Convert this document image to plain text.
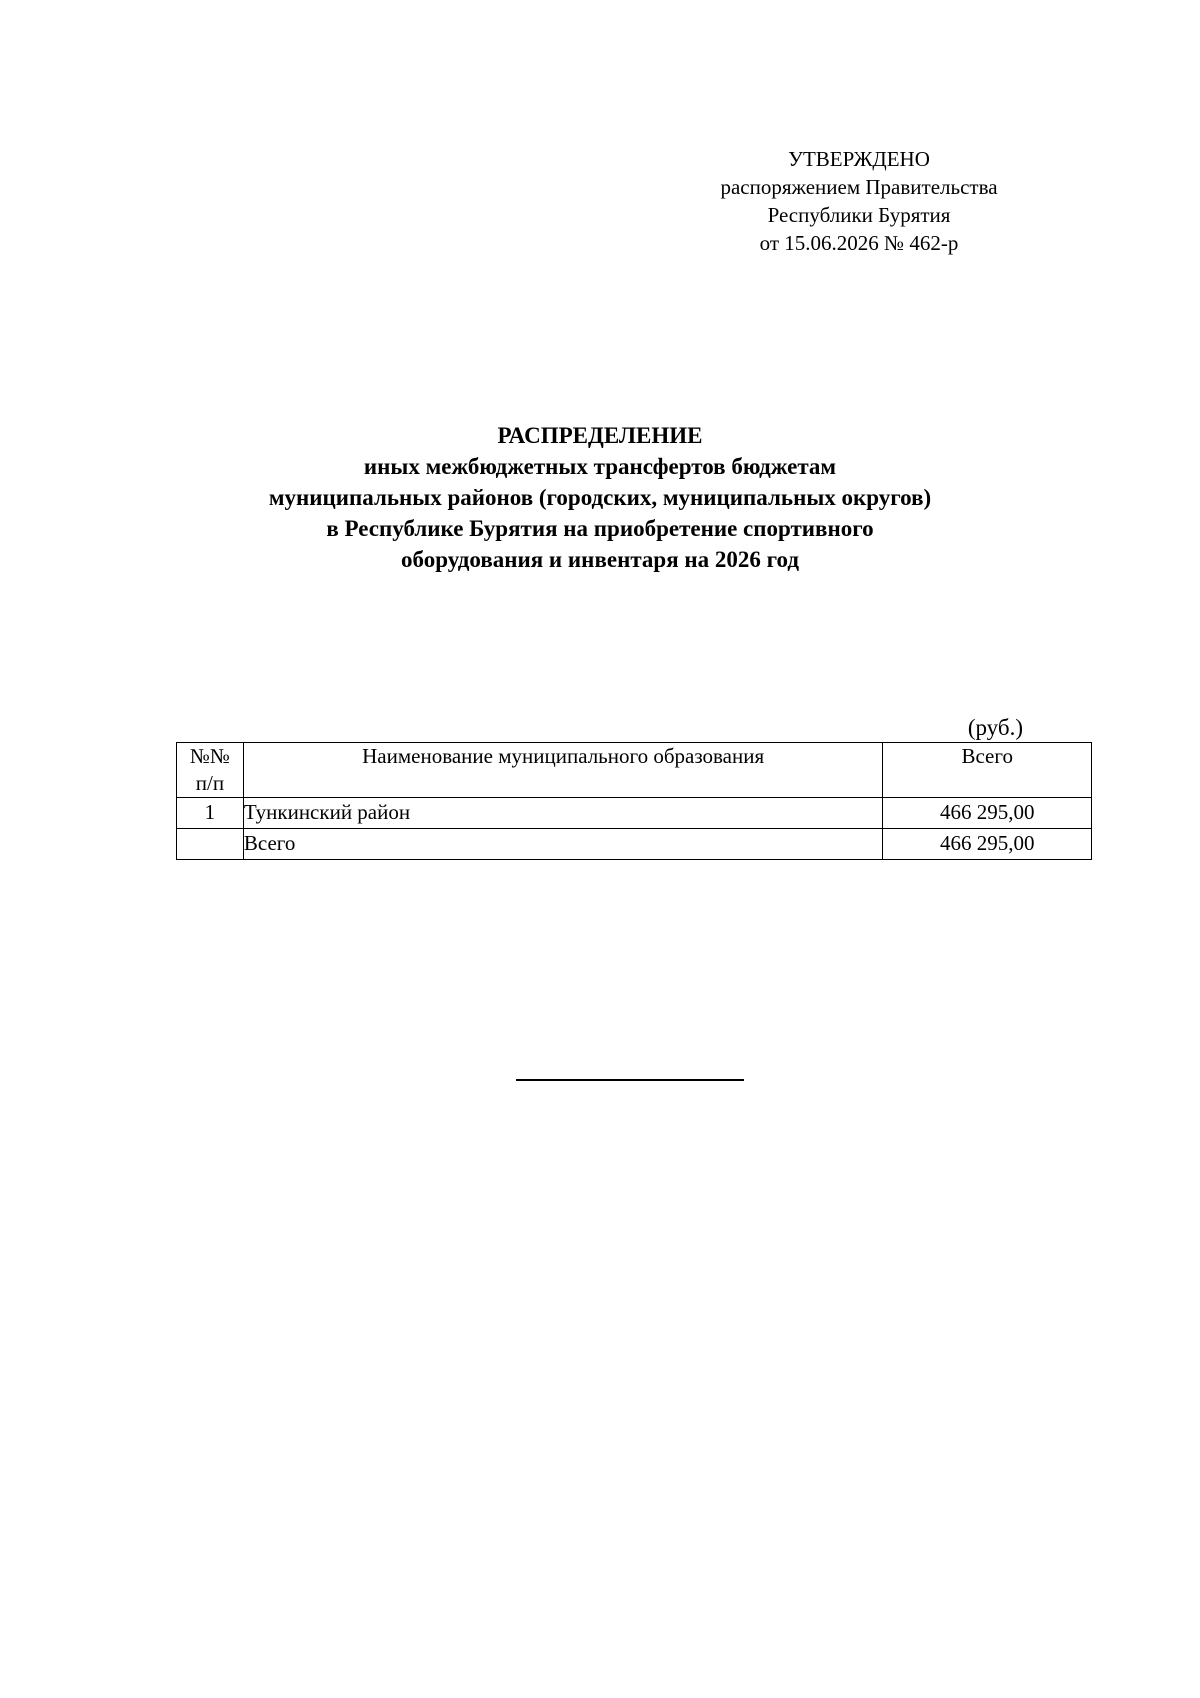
УТВЕРЖДЕНО
распоряжением Правительства
Республики Бурятия
от 15.06.2026 № 462-р
РАСПРЕДЕЛЕНИЕ
иных межбюджетных трансфертов бюджетам
муниципальных районов (городских, муниципальных округов)
в Республике Бурятия на приобретение спортивного
оборудования и инвентаря на 2026 год
(руб.)
№№
п/п	Наименование муниципального образования	Всего
1	Тункинский район	466 295,00
	Всего	466 295,00
